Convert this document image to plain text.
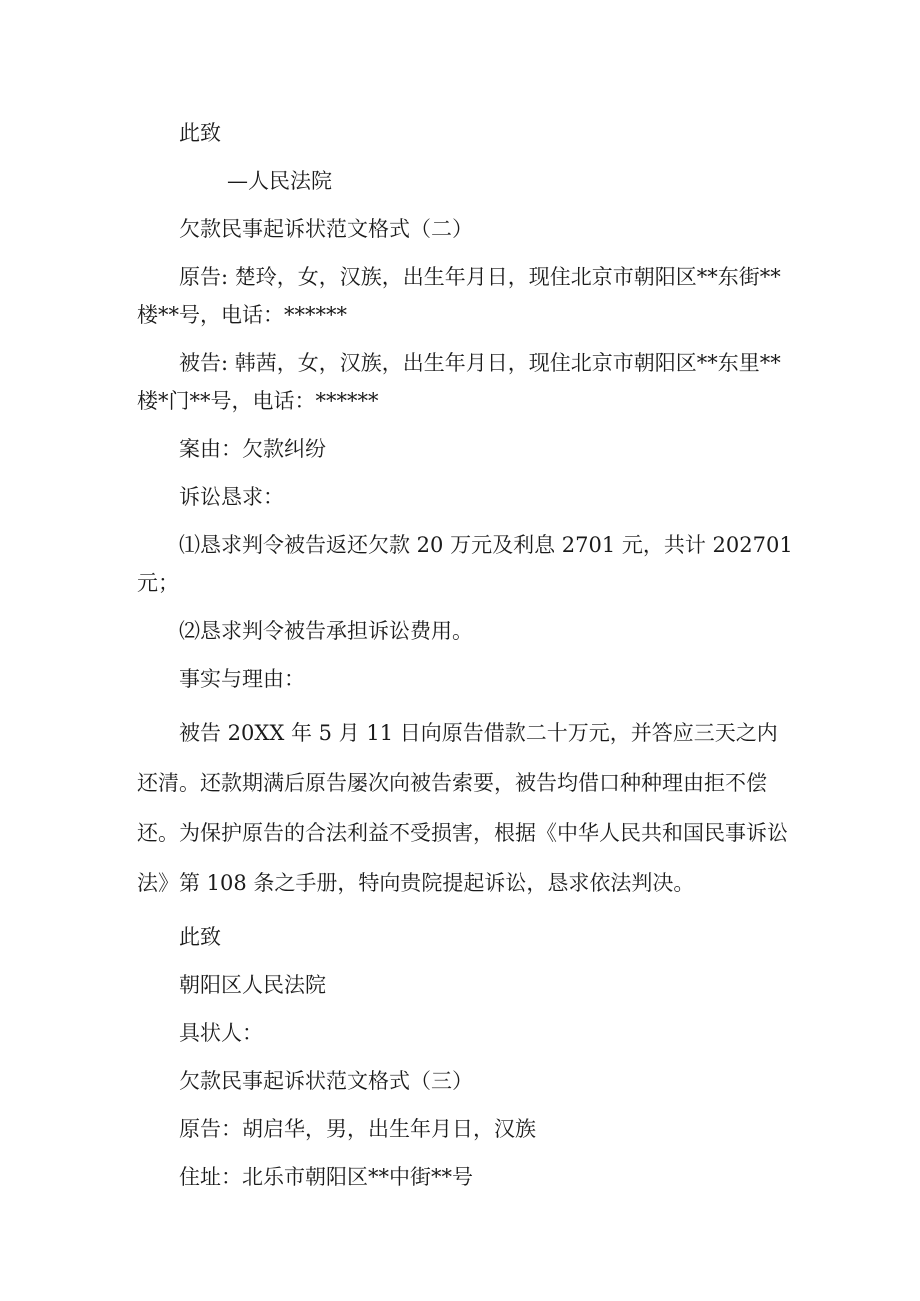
此致

—人民法院

欠款民事起诉状范文格式（二）

原告: 楚玲，女，汉族，出生年月日，现住北京市朝阳区**东街**楼**号，电话：******

被告: 韩茜，女，汉族，出生年月日，现住北京市朝阳区**东里**楼*门**号，电话：******

案由：欠款纠纷

诉讼恳求：

⑴恳求判令被告返还欠款 20 万元及利息 2701 元，共计 202701 元；

⑵恳求判令被告承担诉讼费用。

事实与理由：

被告 20XX 年 5 月 11 日向原告借款二十万元，并答应三天之内还清。还款期满后原告屡次向被告索要，被告均借口种种理由拒不偿还。为保护原告的合法利益不受损害，根据《中华人民共和国民事诉讼法》第 108 条之手册，特向贵院提起诉讼，恳求依法判决。

此致

朝阳区人民法院

具状人：

欠款民事起诉状范文格式（三）

原告：胡启华，男，出生年月日，汉族

住址：北乐市朝阳区**中街**号
